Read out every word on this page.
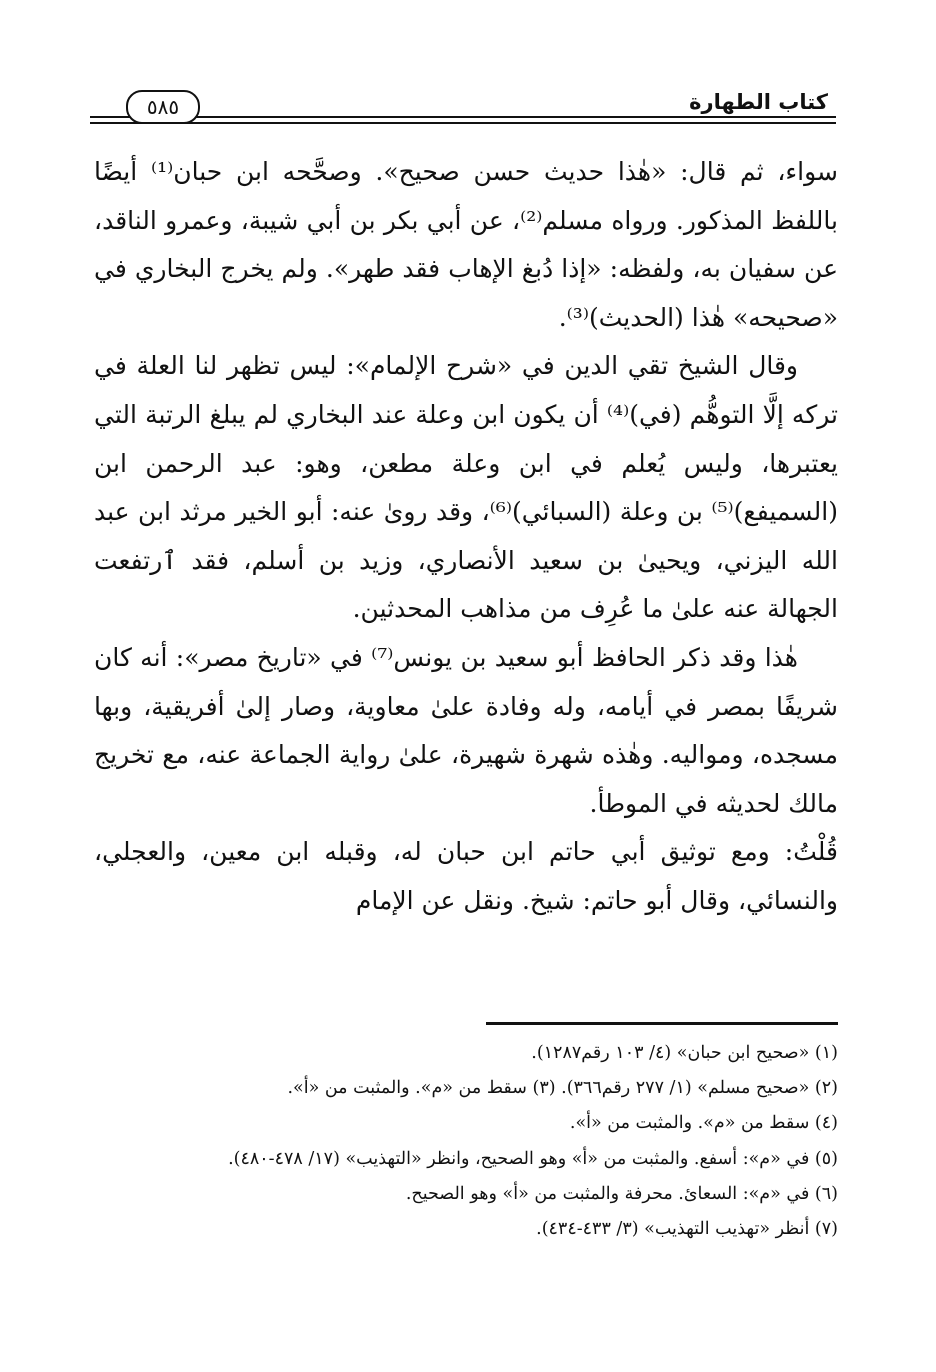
كتاب الطهارة
٥٨٥

سواء، ثم قال: «هٰذا حديث حسن صحيح». وصحَّحه ابن حبان⁽¹⁾ أيضًا باللفظ المذكور. ورواه مسلم⁽²⁾، عن أبي بكر بن أبي شيبة، وعمرو الناقد، عن سفيان به، ولفظه: «إذا دُبغ الإهاب فقد طهر». ولم يخرج البخاري في «صحيحه» هٰذا (الحديث)⁽³⁾.

وقال الشيخ تقي الدين في «شرح الإلمام»: ليس تظهر لنا العلة في تركه إلَّا التوهُّم (في)⁽⁴⁾ أن يكون ابن وعلة عند البخاري لم يبلغ الرتبة التي يعتبرها، وليس يُعلم في ابن وعلة مطعن، وهو: عبد الرحمن ابن (السميفع)⁽⁵⁾ بن وعلة (السبائي)⁽⁶⁾، وقد روىٰ عنه: أبو الخير مرثد ابن عبد الله اليزني، ويحيىٰ بن سعيد الأنصاري، وزيد بن أسلم، فقد ٱرتفعت الجهالة عنه علىٰ ما عُرِف من مذاهب المحدثين.

هٰذا وقد ذكر الحافظ أبو سعيد بن يونس⁽⁷⁾ في «تاريخ مصر»: أنه كان شريفًا بمصر في أيامه، وله وفادة علىٰ معاوية، وصار إلىٰ أفريقية، وبها مسجده، ومواليه. وهٰذه شهرة شهيرة، علىٰ رواية الجماعة عنه، مع تخريج مالك لحديثه في الموطأ.

قُلْتُ: ومع توثيق أبي حاتم ابن حبان له، وقبله ابن معين، والعجلي، والنسائي، وقال أبو حاتم: شيخ. ونقل عن الإمام

(١) «صحيح ابن حبان» (٤/ ١٠٣ رقم١٢٨٧).
(٢) «صحيح مسلم» (١/ ٢٧٧ رقم٣٦٦). (٣) سقط من «م». والمثبت من «أ».
(٤) سقط من «م». والمثبت من «أ».
(٥) في «م»: أسفع. والمثبت من «أ» وهو الصحيح، وانظر «التهذيب» (١٧/ ٤٧٨-٤٨٠).
(٦) في «م»: السعائ. محرفة والمثبت من «أ» وهو الصحيح.
(٧) أنظر «تهذيب التهذيب» (٣/ ٤٣٣-٤٣٤).
